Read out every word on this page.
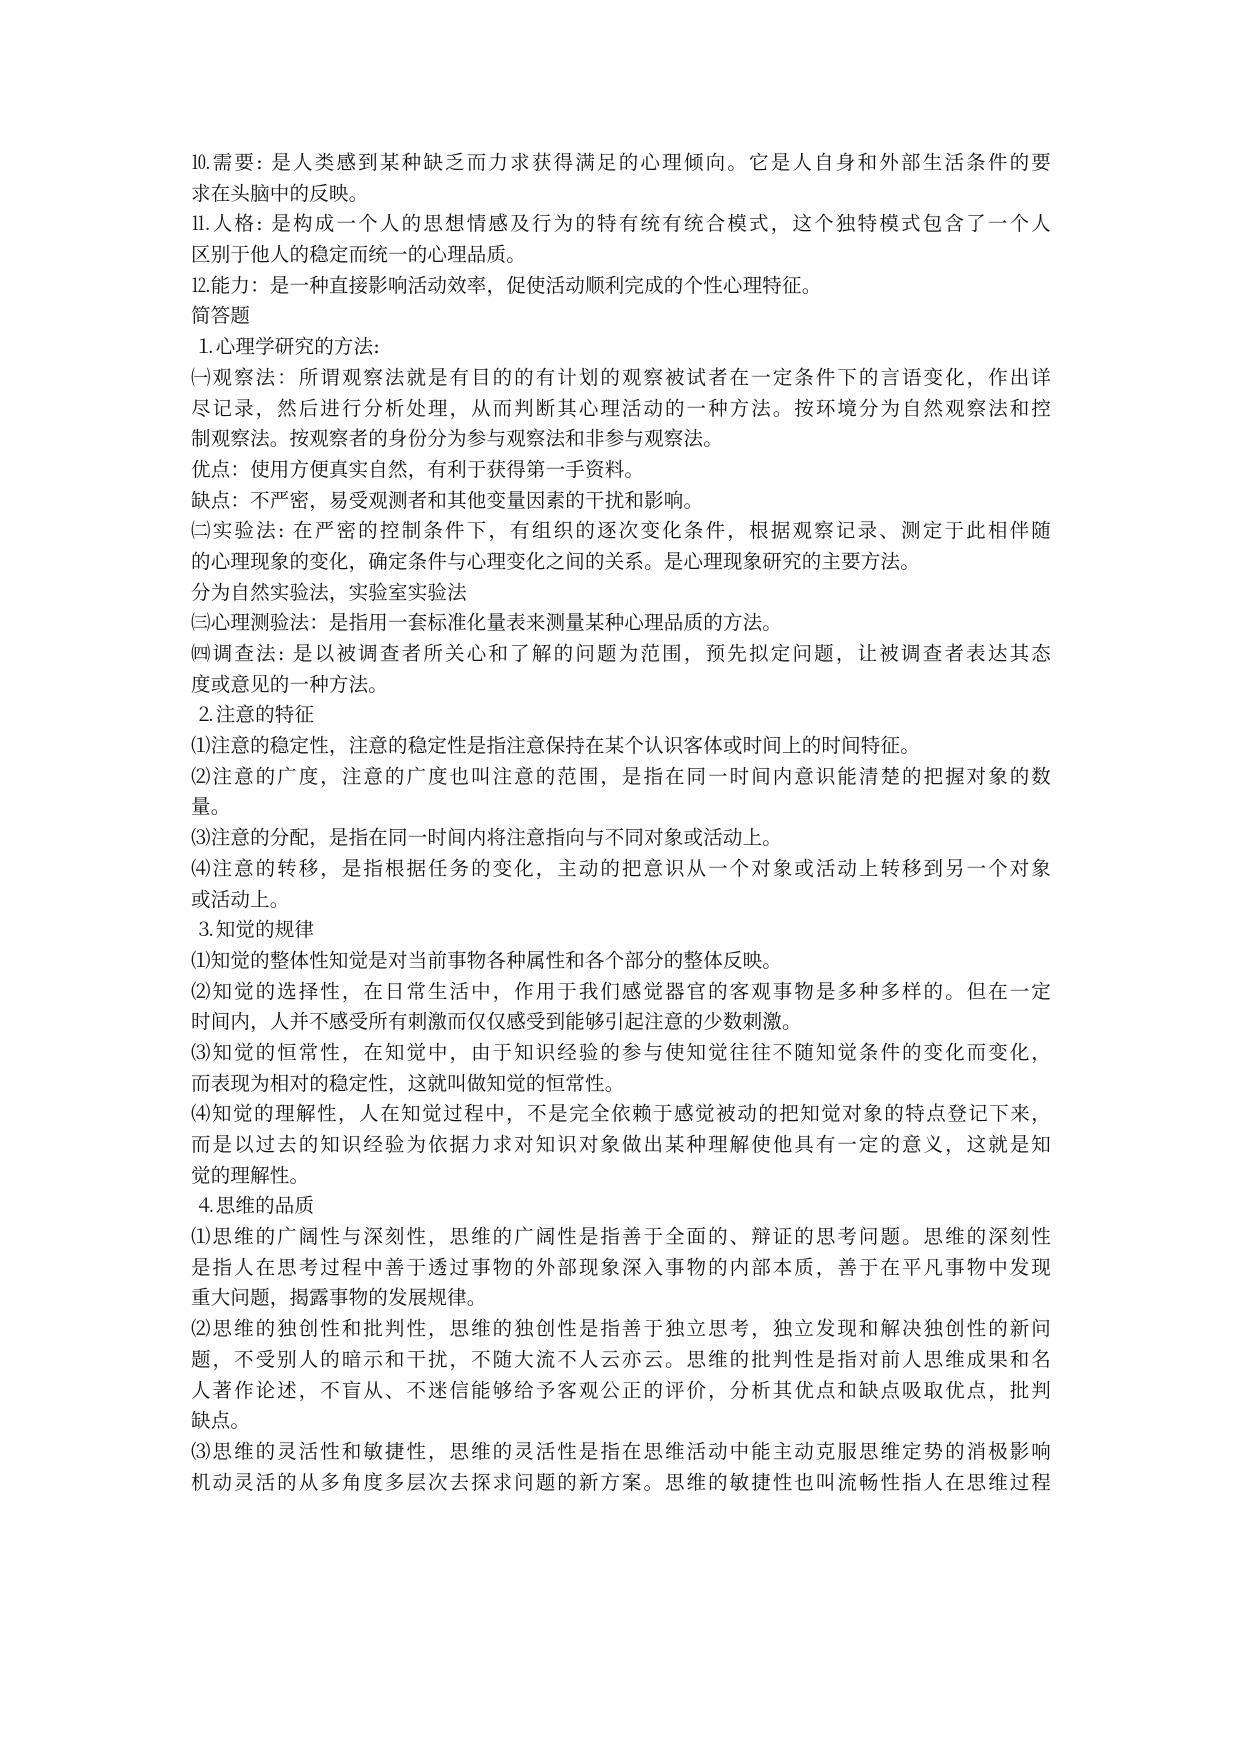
⒑需要: 是人类感到某种缺乏而力求获得满足的心理倾向。它是人自身和外部生活条件的要
求在头脑中的反映。
⒒人格: 是构成一个人的思想情感及行为的特有统有统合模式，这个独特模式包含了一个人
区别于他人的稳定而统一的心理品质。
⒓能力：是一种直接影响活动效率，促使活动顺利完成的个性心理特征。
简答题
⒈心理学研究的方法:
㈠观察法：所谓观察法就是有目的的有计划的观察被试者在一定条件下的言语变化，作出详
尽记录，然后进行分析处理，从而判断其心理活动的一种方法。按环境分为自然观察法和控
制观察法。按观察者的身份分为参与观察法和非参与观察法。
优点：使用方便真实自然，有利于获得第一手资料。
缺点：不严密，易受观测者和其他变量因素的干扰和影响。
㈡实验法: 在严密的控制条件下，有组织的逐次变化条件，根据观察记录、测定于此相伴随
的心理现象的变化，确定条件与心理变化之间的关系。是心理现象研究的主要方法。
分为自然实验法，实验室实验法
㈢心理测验法：是指用一套标准化量表来测量某种心理品质的方法。
㈣调查法: 是以被调查者所关心和了解的问题为范围，预先拟定问题，让被调查者表达其态
度或意见的一种方法。
⒉注意的特征
⑴注意的稳定性，注意的稳定性是指注意保持在某个认识客体或时间上的时间特征。
⑵注意的广度，注意的广度也叫注意的范围，是指在同一时间内意识能清楚的把握对象的数
量。
⑶注意的分配，是指在同一时间内将注意指向与不同对象或活动上。
⑷注意的转移，是指根据任务的变化，主动的把意识从一个对象或活动上转移到另一个对象
或活动上。
⒊知觉的规律
⑴知觉的整体性知觉是对当前事物各种属性和各个部分的整体反映。
⑵知觉的选择性，在日常生活中，作用于我们感觉器官的客观事物是多种多样的。但在一定
时间内，人并不感受所有刺激而仅仅感受到能够引起注意的少数刺激。
⑶知觉的恒常性，在知觉中，由于知识经验的参与使知觉往往不随知觉条件的变化而变化，
而表现为相对的稳定性，这就叫做知觉的恒常性。
⑷知觉的理解性，人在知觉过程中，不是完全依赖于感觉被动的把知觉对象的特点登记下来，
而是以过去的知识经验为依据力求对知识对象做出某种理解使他具有一定的意义，这就是知
觉的理解性。
⒋思维的品质
⑴思维的广阔性与深刻性，思维的广阔性是指善于全面的、辩证的思考问题。思维的深刻性
是指人在思考过程中善于透过事物的外部现象深入事物的内部本质，善于在平凡事物中发现
重大问题，揭露事物的发展规律。
⑵思维的独创性和批判性，思维的独创性是指善于独立思考，独立发现和解决独创性的新问
题，不受别人的暗示和干扰，不随大流不人云亦云。思维的批判性是指对前人思维成果和名
人著作论述，不盲从、不迷信能够给予客观公正的评价，分析其优点和缺点吸取优点，批判
缺点。
⑶思维的灵活性和敏捷性，思维的灵活性是指在思维活动中能主动克服思维定势的消极影响
机动灵活的从多角度多层次去探求问题的新方案。思维的敏捷性也叫流畅性指人在思维过程
